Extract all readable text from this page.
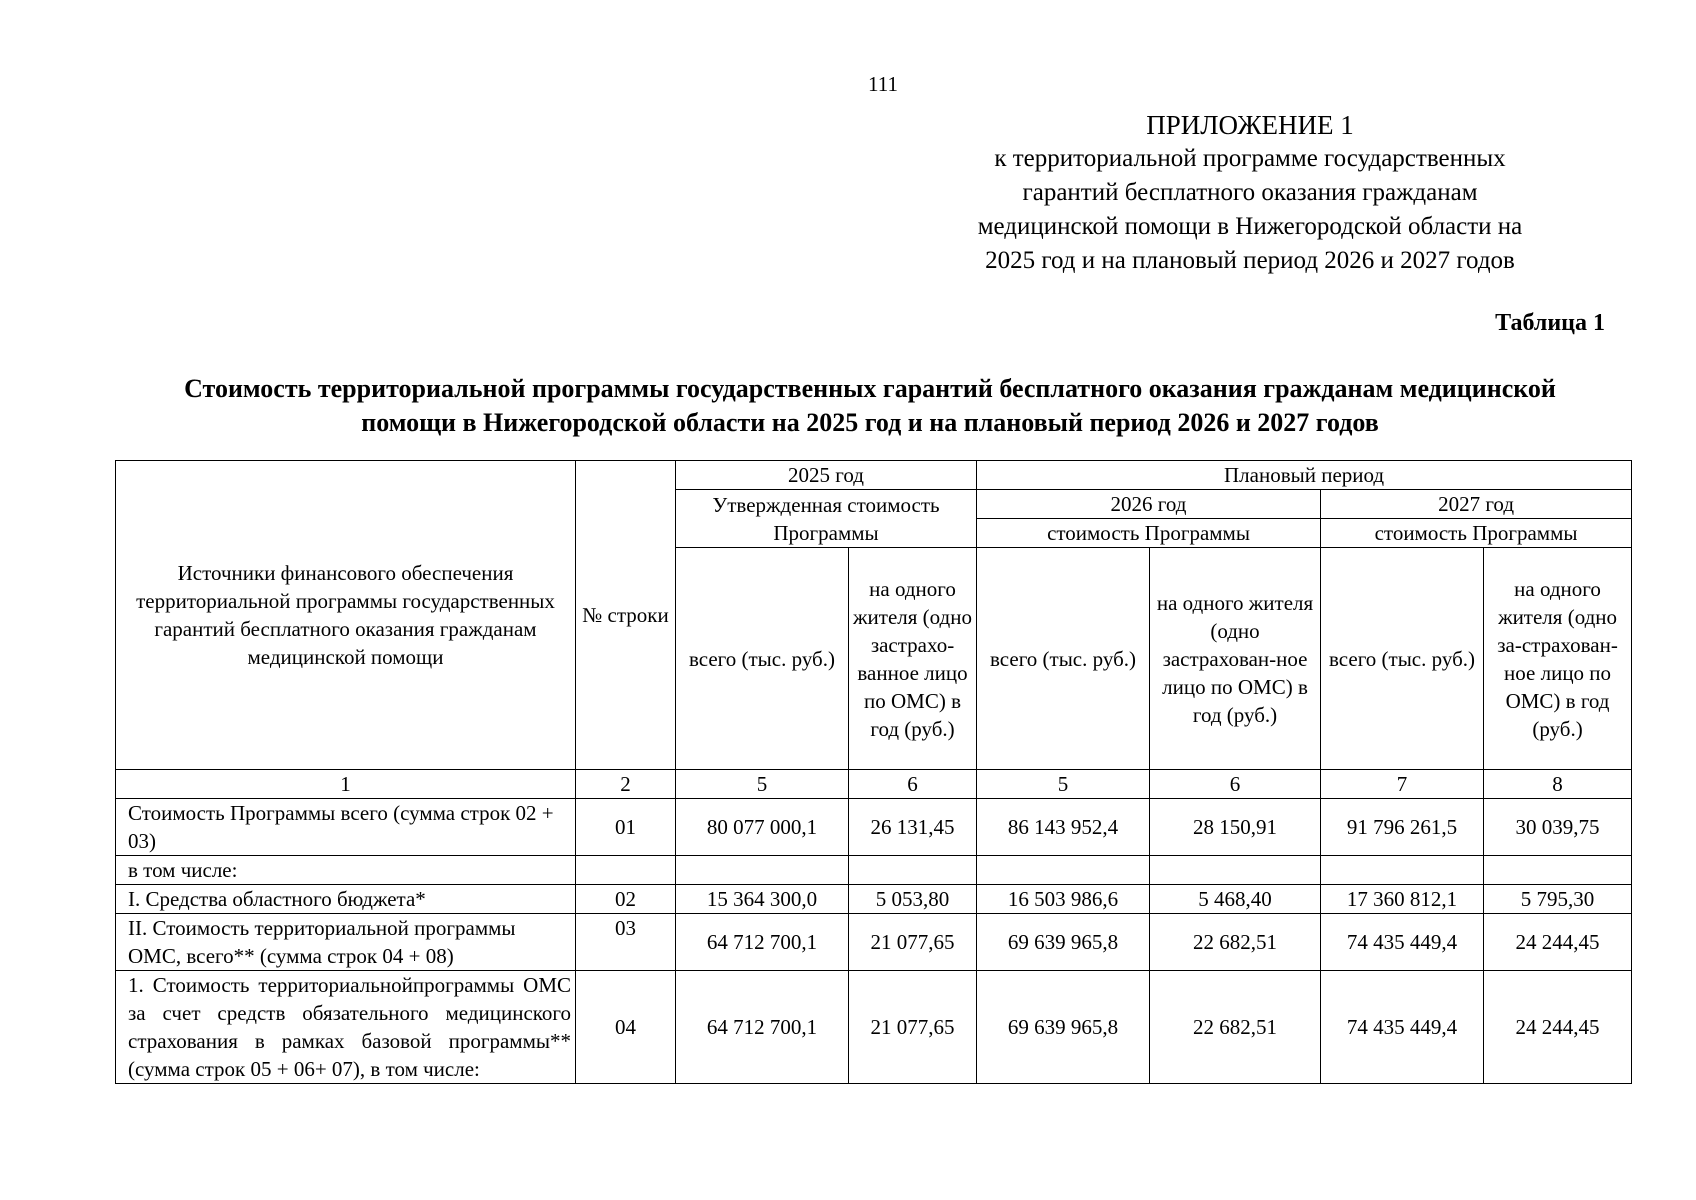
111
ПРИЛОЖЕНИЕ 1
к территориальной программе государственных
гарантий бесплатного оказания гражданам
медицинской помощи в Нижегородской области на
2025 год и на плановый период 2026 и 2027 годов
Таблица 1
Стоимость территориальной программы государственных гарантий бесплатного оказания гражданам медицинской
помощи в Нижегородской области на 2025 год и на плановый период 2026 и 2027 годов
Источники финансового обеспечения территориальной программы государственных гарантий бесплатного оказания гражданам медицинской помощи	№ строки	2025 год		Плановый период			
		Утвержденная стоимость Программы		2026 год		2027 год	
				стоимость Программы		стоимость Программы	
		всего (тыс. руб.)	на одного жителя (одно застрахо-ванное лицо по ОМС) в год (руб.)	всего (тыс. руб.)	на одного жителя (одно застрахован-ное лицо по ОМС) в год (руб.)	всего (тыс. руб.)	на одного жителя (одно за-страхован-ное лицо по ОМС) в год (руб.)
1	2	5	6	5	6	7	8
Стоимость Программы всего (сумма строк 02 + 03)	01	80 077 000,1	26 131,45	86 143 952,4	28 150,91	91 796 261,5	30 039,75
в том числе:							
I. Средства областного бюджета*	02	15 364 300,0	5 053,80	16 503 986,6	5 468,40	17 360 812,1	5 795,30
II. Стоимость территориальной программы ОМС, всего** (сумма строк 04 + 08)	03	64 712 700,1	21 077,65	69 639 965,8	22 682,51	74 435 449,4	24 244,45
1. Стоимость территориальнойпрограммы ОМС за счет средств обязательного медицинского страхования в рамках базовой программы** (сумма строк 05 + 06+ 07), в том числе:	04	64 712 700,1	21 077,65	69 639 965,8	22 682,51	74 435 449,4	24 244,45
